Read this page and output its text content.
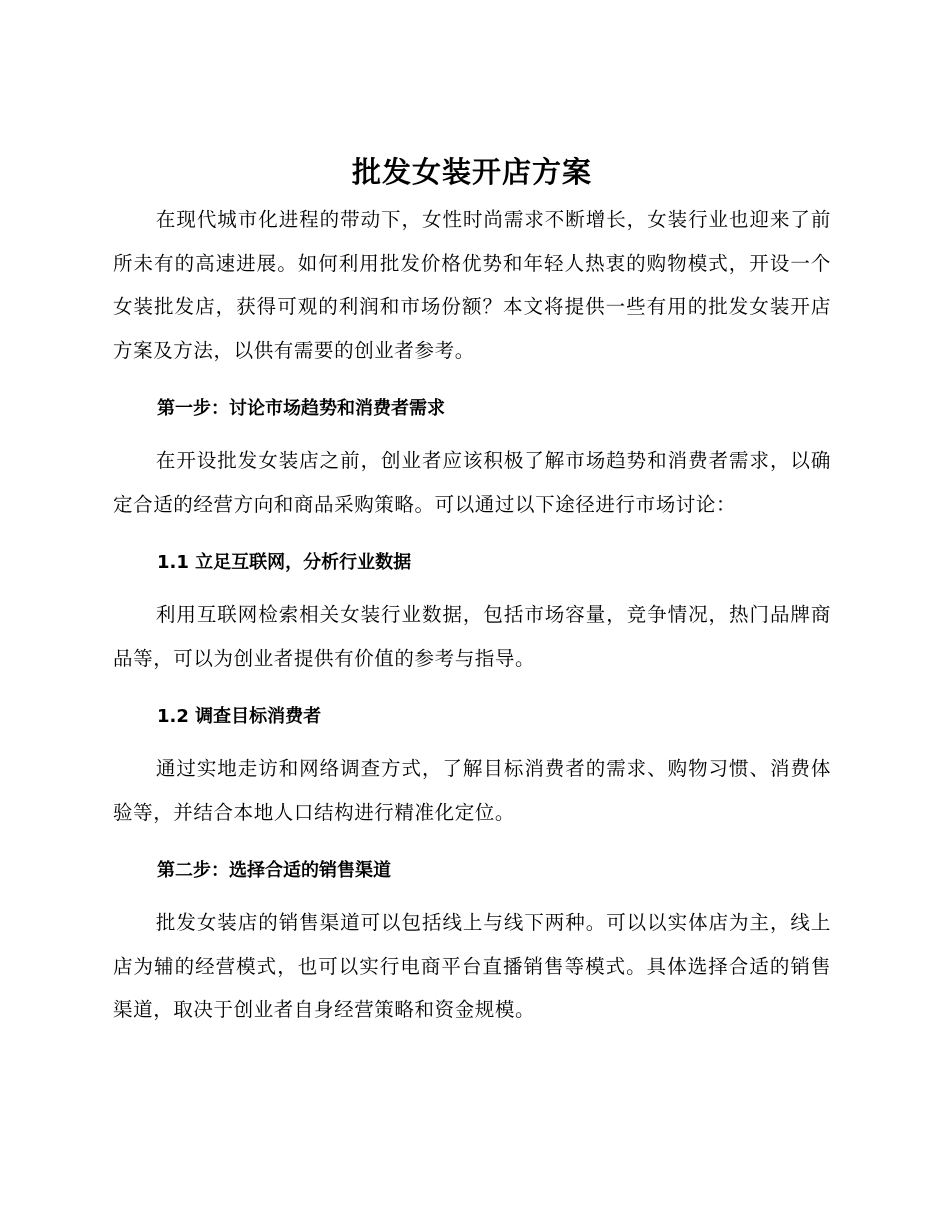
批发女装开店方案

在现代城市化进程的带动下，女性时尚需求不断增长，女装行业也迎来了前所未有的高速进展。如何利用批发价格优势和年轻人热衷的购物模式，开设一个女装批发店，获得可观的利润和市场份额？本文将提供一些有用的批发女装开店方案及方法，以供有需要的创业者参考。

第一步：讨论市场趋势和消费者需求

在开设批发女装店之前，创业者应该积极了解市场趋势和消费者需求，以确定合适的经营方向和商品采购策略。可以通过以下途径进行市场讨论：

1.1 立足互联网，分析行业数据

利用互联网检索相关女装行业数据，包括市场容量，竞争情况，热门品牌商品等，可以为创业者提供有价值的参考与指导。

1.2 调查目标消费者

通过实地走访和网络调查方式，了解目标消费者的需求、购物习惯、消费体验等，并结合本地人口结构进行精准化定位。

第二步：选择合适的销售渠道

批发女装店的销售渠道可以包括线上与线下两种。可以以实体店为主，线上店为辅的经营模式，也可以实行电商平台直播销售等模式。具体选择合适的销售渠道，取决于创业者自身经营策略和资金规模。
